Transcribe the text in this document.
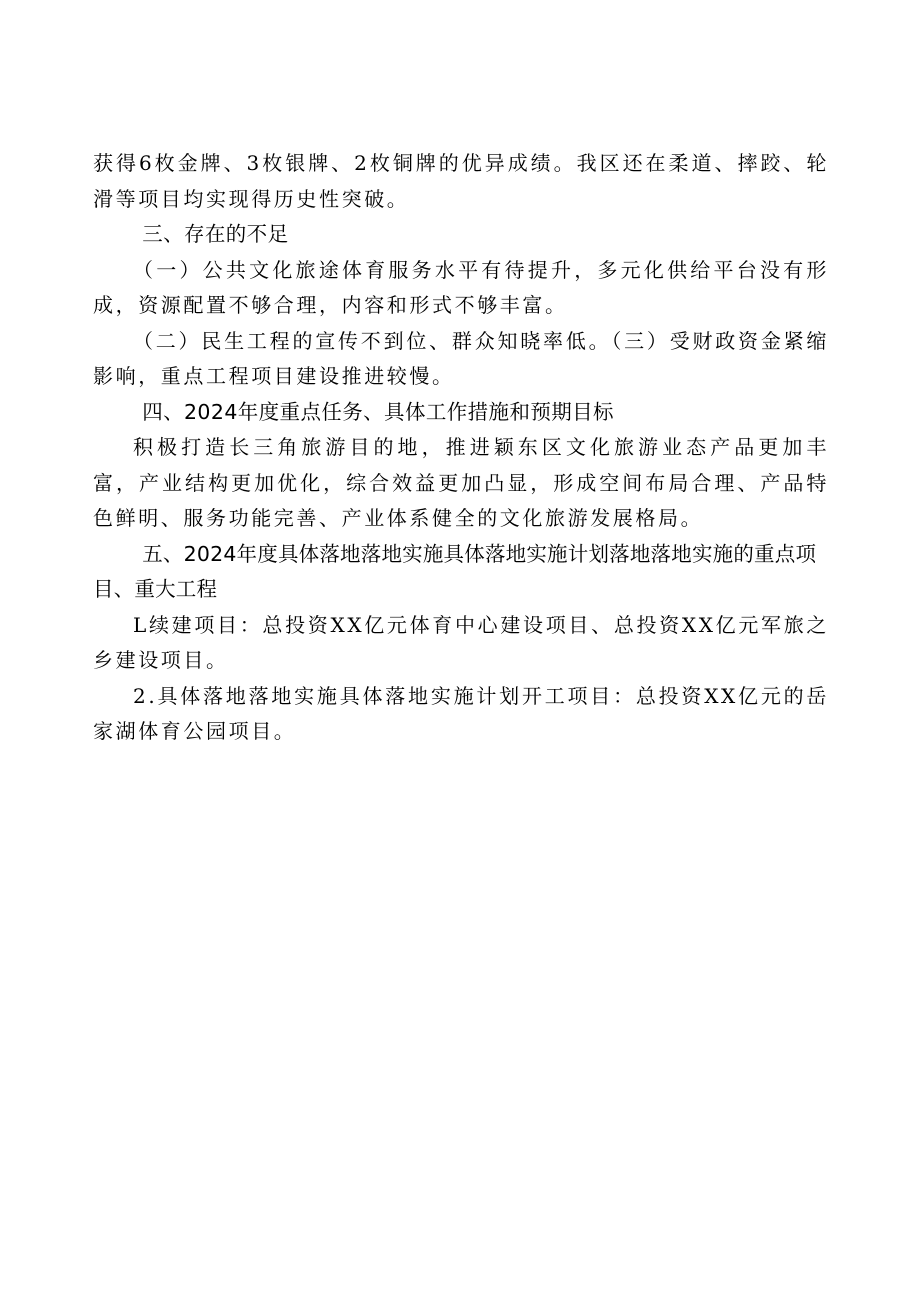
获得6枚金牌、3枚银牌、2枚铜牌的优异成绩。我区还在柔道、摔跤、轮滑等项目均实现得历史性突破。

三、存在的不足

（一）公共文化旅途体育服务水平有待提升，多元化供给平台没有形成，资源配置不够合理，内容和形式不够丰富。

（二）民生工程的宣传不到位、群众知晓率低。（三）受财政资金紧缩影响，重点工程项目建设推进较慢。

四、2024年度重点任务、具体工作措施和预期目标

积极打造长三角旅游目的地，推进颖东区文化旅游业态产品更加丰富，产业结构更加优化，综合效益更加凸显，形成空间布局合理、产品特色鲜明、服务功能完善、产业体系健全的文化旅游发展格局。

五、2024年度具体落地落地实施具体落地实施计划落地落地实施的重点项目、重大工程

L续建项目：总投资XX亿元体育中心建设项目、总投资XX亿元军旅之乡建设项目。

2.具体落地落地实施具体落地实施计划开工项目：总投资XX亿元的岳家湖体育公园项目。
